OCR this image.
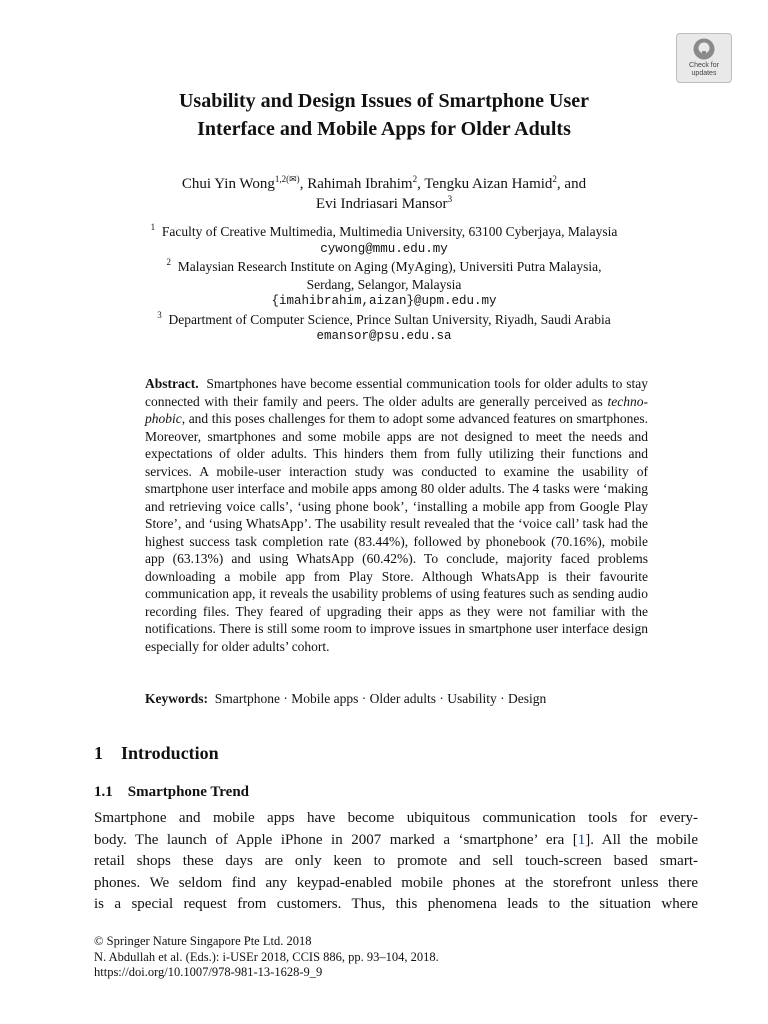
Check for
updates
Usability and Design Issues of Smartphone User
Interface and Mobile Apps for Older Adults
Chui Yin Wong$^{1,2(✉)}$, Rahimah Ibrahim$^2$, Tengku Aizan Hamid$^2$, and
Evi Indriasari Mansor$^3$
$^1$ Faculty of Creative Multimedia, Multimedia University, 63100 Cyberjaya, Malaysia
cywong@mmu.edu.my
$^2$ Malaysian Research Institute on Aging (MyAging), Universiti Putra Malaysia,
Serdang, Selangor, Malaysia
{imahibrahim,aizan}@upm.edu.my
$^3$ Department of Computer Science, Prince Sultan University, Riyadh, Saudi Arabia
emansor@psu.edu.sa
Abstract. Smartphones have become essential communication tools for older adults to stay connected with their family and peers. The older adults are generally perceived as techno-phobic, and this poses challenges for them to adopt some advanced features on smartphones. Moreover, smartphones and some mobile apps are not designed to meet the needs and expectations of older adults. This hinders them from fully utilizing their functions and services. A mobile-user interaction study was conducted to examine the usability of smartphone user interface and mobile apps among 80 older adults. The 4 tasks were ‘making and retrieving voice calls’, ‘using phone book’, ‘installing a mobile app from Google Play Store’, and ‘using WhatsApp’. The usability result revealed that the ‘voice call’ task had the highest success task completion rate (83.44%), followed by phonebook (70.16%), mobile app (63.13%) and using WhatsApp (60.42%). To conclude, majority faced problems downloading a mobile app from Play Store. Although WhatsApp is their favourite communication app, it reveals the usability problems of using features such as sending audio recording files. They feared of upgrading their apps as they were not familiar with the notifications. There is still some room to improve issues in smartphone user interface design especially for older adults’ cohort.
Keywords: Smartphone · Mobile apps · Older adults · Usability · Design
1 Introduction
1.1 Smartphone Trend
Smartphone and mobile apps have become ubiquitous communication tools for every-
body. The launch of Apple iPhone in 2007 marked a ‘smartphone’ era [1]. All the mobile
retail shops these days are only keen to promote and sell touch-screen based smart-
phones. We seldom find any keypad-enabled mobile phones at the storefront unless there
is a special request from customers. Thus, this phenomena leads to the situation where
© Springer Nature Singapore Pte Ltd. 2018
N. Abdullah et al. (Eds.): i-USEr 2018, CCIS 886, pp. 93–104, 2018.
https://doi.org/10.1007/978-981-13-1628-9_9
